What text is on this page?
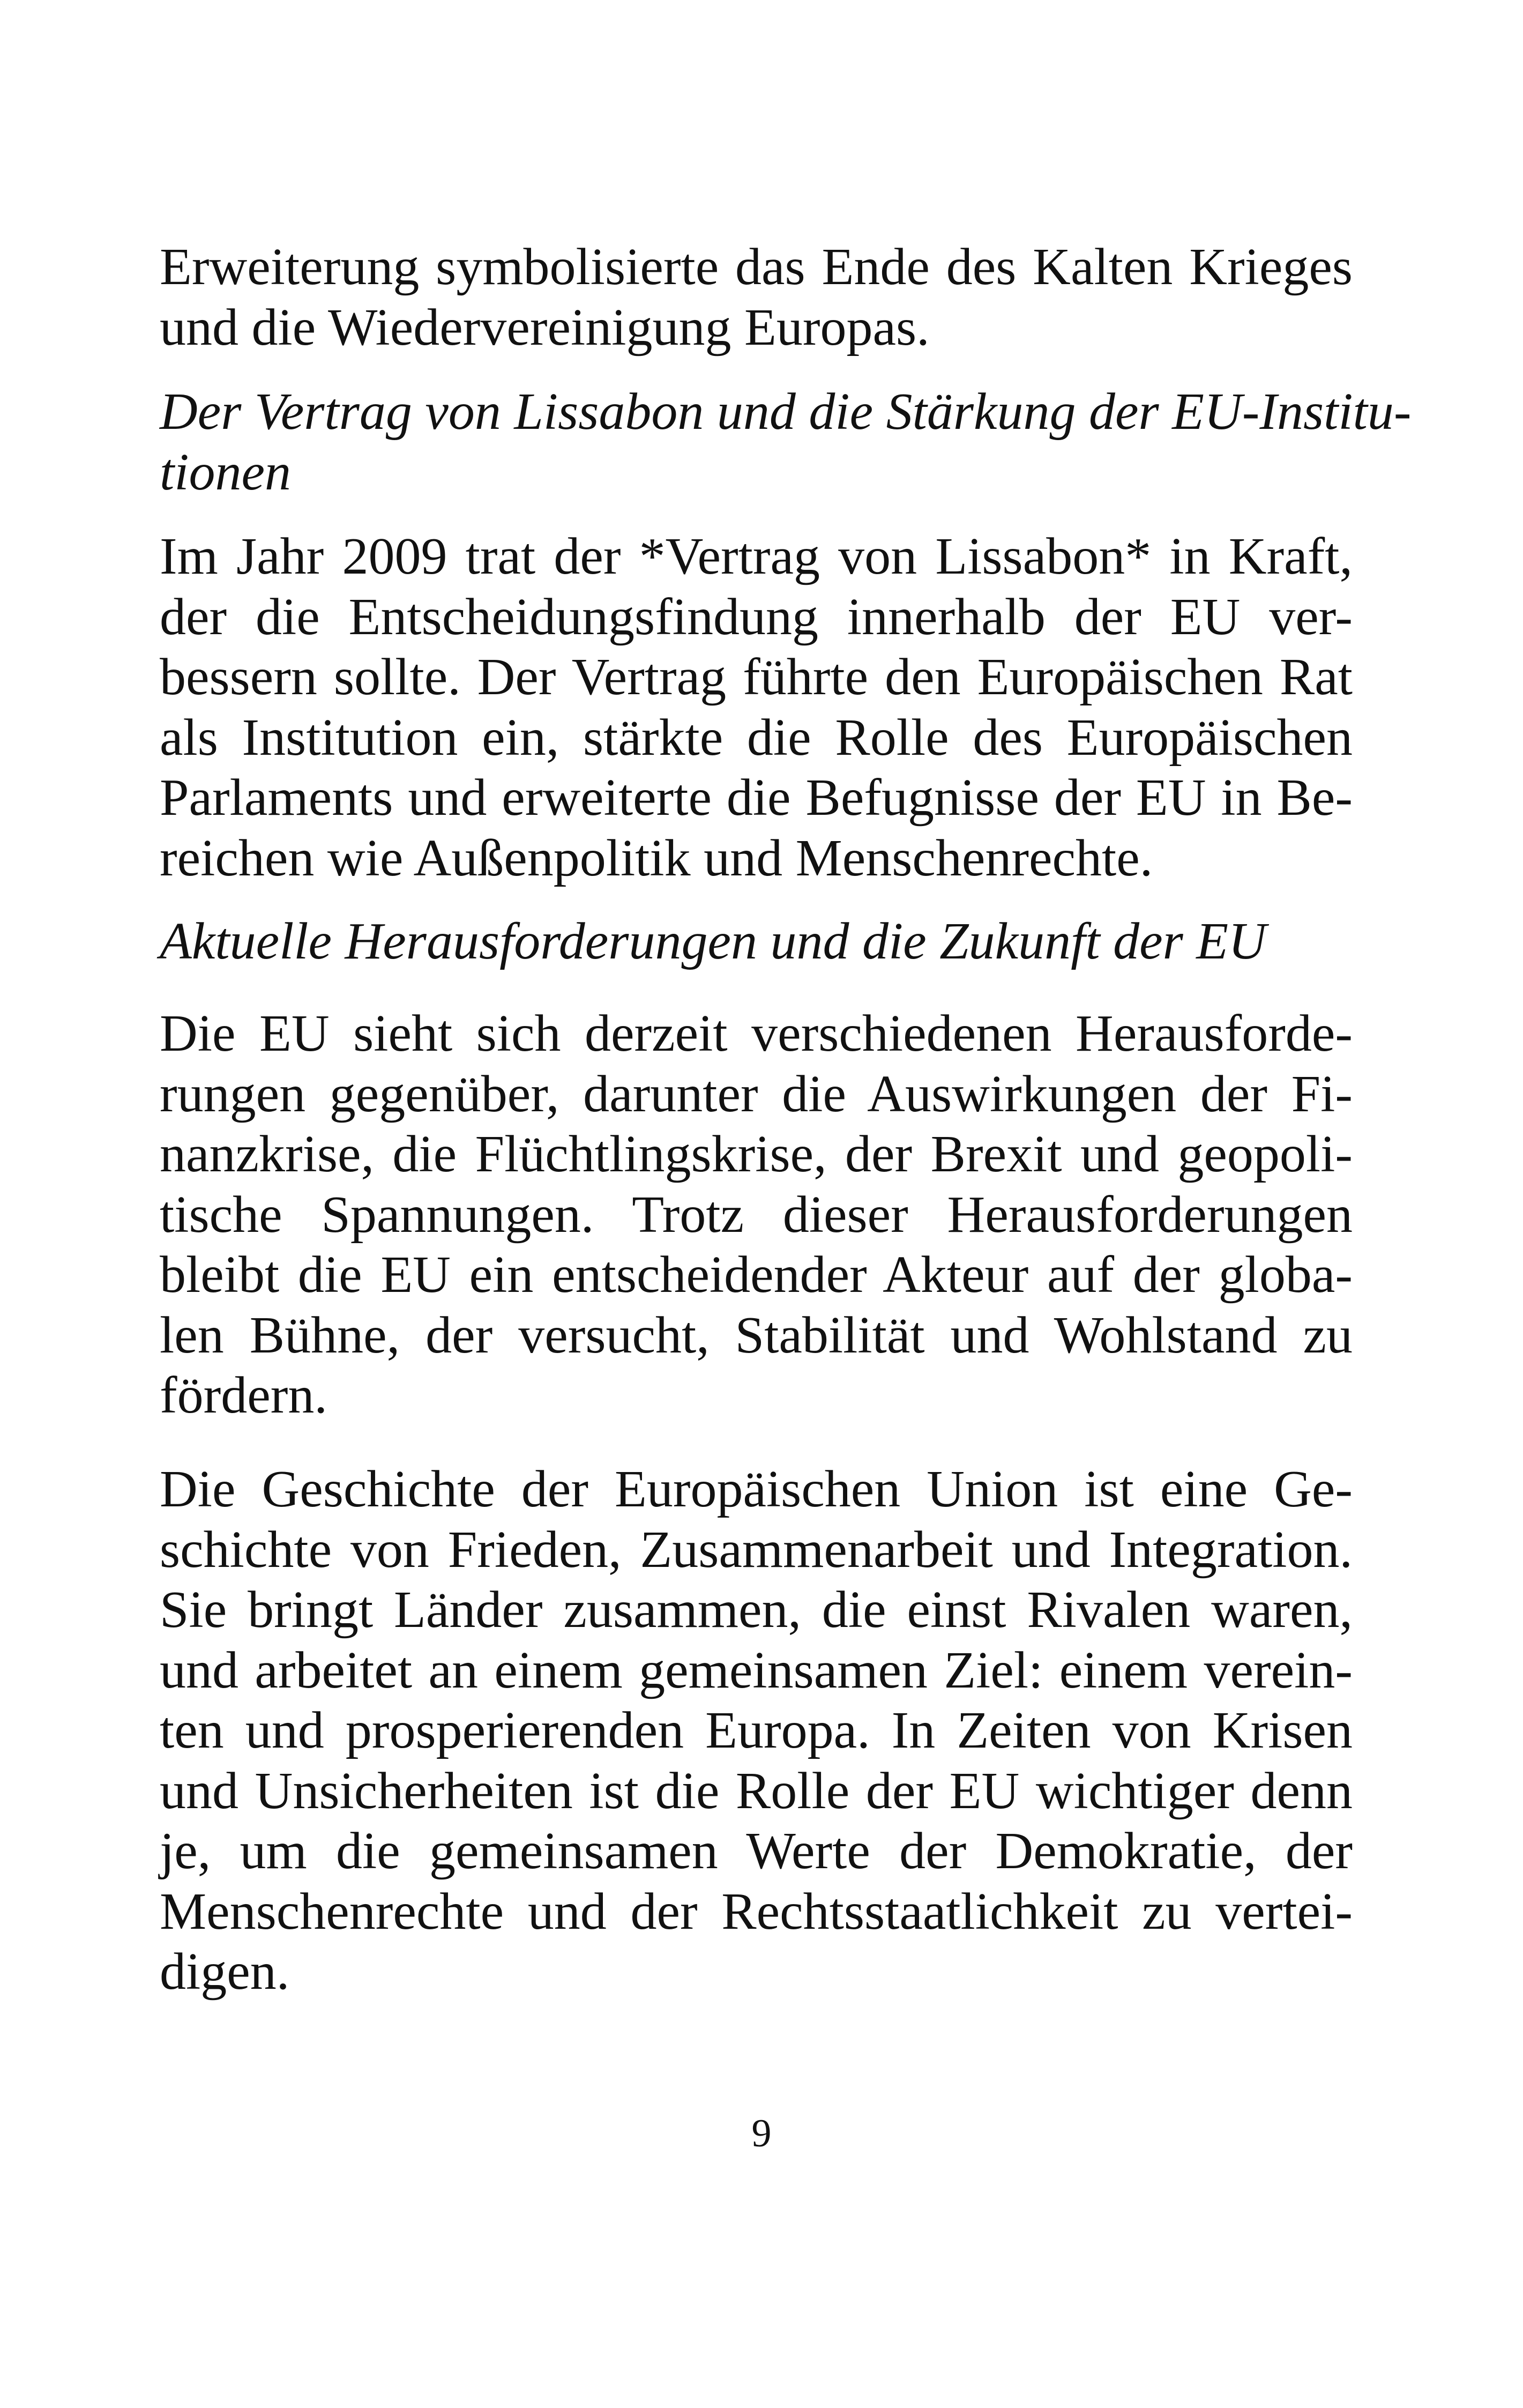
Erweiterung symbolisierte das Ende des Kalten Krieges
und die Wiedervereinigung Europas.
Der Vertrag von Lissabon und die Stärkung der EU-Institu-
tionen
Im Jahr 2009 trat der *Vertrag von Lissabon* in Kraft,
der die Entscheidungsfindung innerhalb der EU ver-
bessern sollte. Der Vertrag führte den Europäischen Rat
als Institution ein, stärkte die Rolle des Europäischen
Parlaments und erweiterte die Befugnisse der EU in Be-
reichen wie Außenpolitik und Menschenrechte.
Aktuelle Herausforderungen und die Zukunft der EU
Die EU sieht sich derzeit verschiedenen Herausforde-
rungen gegenüber, darunter die Auswirkungen der Fi-
nanzkrise, die Flüchtlingskrise, der Brexit und geopoli-
tische Spannungen. Trotz dieser Herausforderungen
bleibt die EU ein entscheidender Akteur auf der globa-
len Bühne, der versucht, Stabilität und Wohlstand zu
fördern.
Die Geschichte der Europäischen Union ist eine Ge-
schichte von Frieden, Zusammenarbeit und Integration.
Sie bringt Länder zusammen, die einst Rivalen waren,
und arbeitet an einem gemeinsamen Ziel: einem verein-
ten und prosperierenden Europa. In Zeiten von Krisen
und Unsicherheiten ist die Rolle der EU wichtiger denn
je, um die gemeinsamen Werte der Demokratie, der
Menschenrechte und der Rechtsstaatlichkeit zu vertei-
digen.
9
